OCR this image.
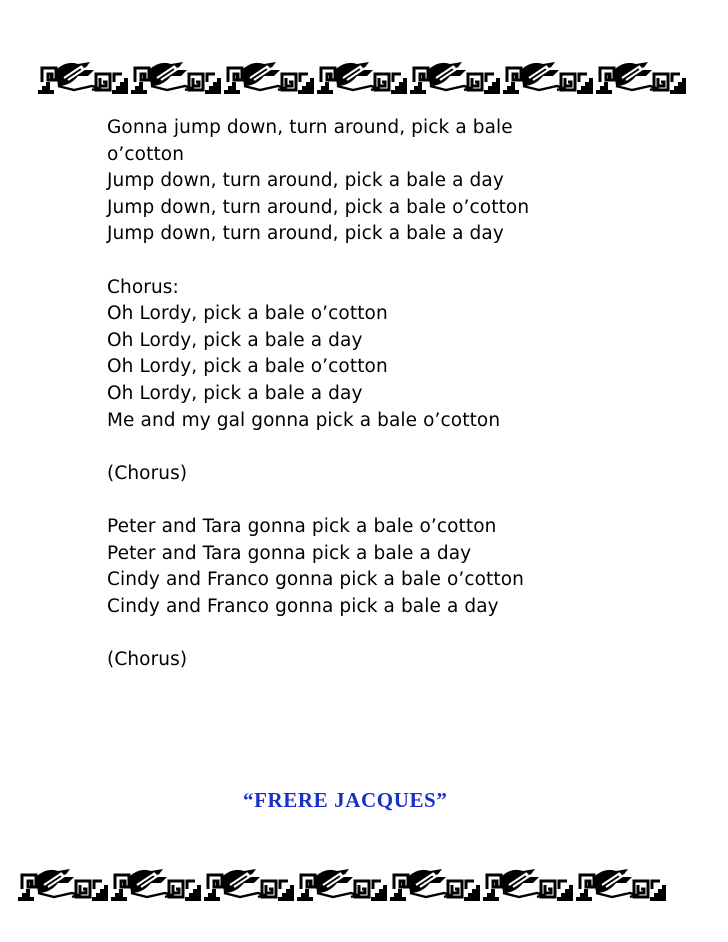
Gonna jump down, turn around, pick a bale
o’cotton
Jump down, turn around, pick a bale a day
Jump down, turn around, pick a bale o’cotton
Jump down, turn around, pick a bale a day
Chorus:
Oh Lordy, pick a bale o’cotton
Oh Lordy, pick a bale a day
Oh Lordy, pick a bale o’cotton
Oh Lordy, pick a bale a day
Me and my gal gonna pick a bale o’cotton
(Chorus)
Peter and Tara gonna pick a bale o’cotton
Peter and Tara gonna pick a bale a day
Cindy and Franco gonna pick a bale o’cotton
Cindy and Franco gonna pick a bale a day
(Chorus)
“FRERE JACQUES”
